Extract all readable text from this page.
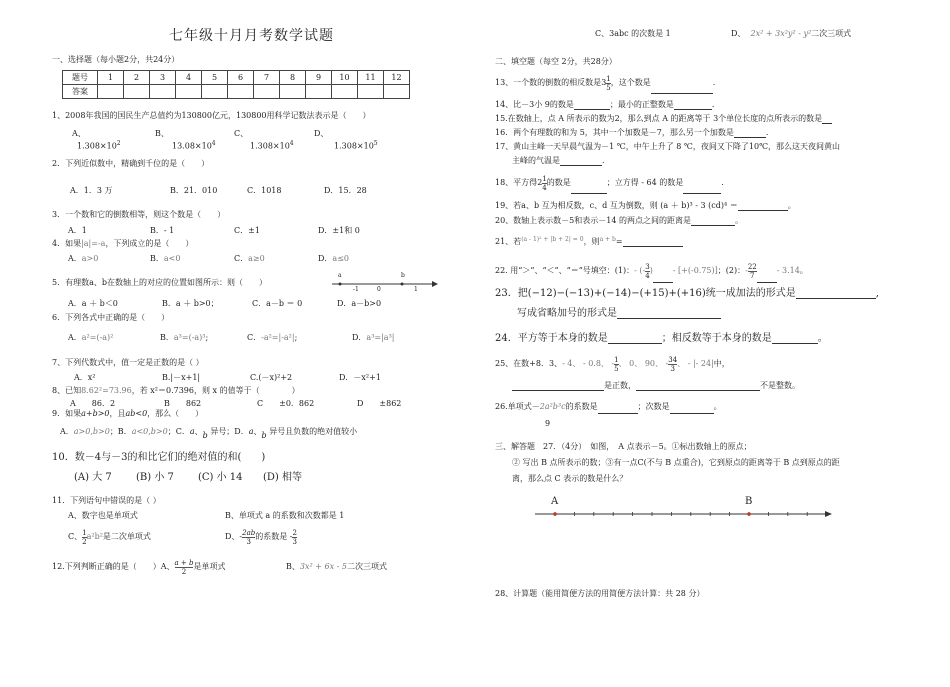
七年级十月月考数学试题
一、选择题（每小题2分，共24分）
题号	1	2	3	4	5	6	7	8	9	10	11	12
答案												
1、2008年我国的国民生产总值约为130800亿元，130800用科学记数法表示是（　　）
A、
$1.308\times 10^2$
B、
$13.08\times 10^4$
C、
$1.308\times 10^4$
D、
$1.308\times 10^5$
2．下列近似数中，精确到千位的是（　　）
A．1．3 万	B．21．010	C．1018	D．15．28
3．一个数和它的倒数相等，则这个数是（　　）
A．1	B．- 1	C．±1	D．±1和 0
4．如果|a|=-a，下列成立的是（　　）
A．a>0	B．a<0	C．a≥0	D．a≤0
5．有理数a、b在数轴上的对应的位置如图所示：则（　　）
a
-1	0
b
1
A．a ＋ b＜0	B．a ＋ b>0；	C．a－b ＝ 0	D．a－b>0
6．下列各式中正确的是（　　）
A．a²=(-a)²	B．a³=(-a)³;	C．-a²=|-a²|;	D．a³=|a³|
7、下列代数式中，值一定是正数的是（ ）
A．x²	B.|－x+1|	C.(－x)²+2	D．－x²+1
8、已知8.62²=73.96，若 x²＝0.7396，则 x 的值等于（　　　　）
A　　86．2	B　　862	C　　±0．862	D　　±862
9．如果a+b>0，且ab<0，那么（　　）
A．a>0,b>0；B．a<0,b>0；C．a、b 异号；D．a、b 异号且负数的绝对值较小
10．数－4与－3的和比它们的绝对值的和(　　)
(A) 大 7 (B) 小 7 (C) 小 14 (D) 相等
11．下列语句中错误的是（ ）
A、数字也是单项式	B、单项式 a 的系数和次数都是 1
C、 $\frac{1}{2} a^2b^2$是二次单项式	D、- $\frac{2ab}{3}$ 的系数是 - $\frac{2}{3}$
12.下列判断正确的是（　　）A、 $\frac{a + b}{2}$ 是单项式	B、3x² + 6x - 5二次三项式
C、3abc 的次数是 1	D、 2x² + 3x²y² - y²二次三项式
二、填空题（每空 2分，共28分）
13、一个数的倒数的相反数是$3 \frac{1}{5}$ ，这个数是	.
14、比－3小 9的数是	；最小的正整数是	.
15.在数轴上，点 A 所表示的数为2，那么到点 A 的距离等于 3个单位长度的点所表示的数是
16．两个有理数的和为 5，其中一个加数是－7，那么另一个加数是	.
17、黄山主峰一天早晨气温为－1 ℃，中午上升了 8 ℃，夜间又下降了10℃，那么这天夜间黄山
主峰的气温是	.
18、平方得$2 \frac{1}{4}$ 的数是	；立方得 - 64 的数是	.
19、若a、b 互为相反数，c、d 互为倒数，则 (a ＋ b)³ - 3 (cd)⁴ ＝	。
20、数轴上表示数－5和表示－14 的两点之间的距离是	。
21、若$^{(a - 1)^2 + |b + 2| = 0}$，则$^{a + b}$=
22. 用“＞”、“＜”、“＝”号填空：(1)：- (- $\frac{3}{4}$ )	- [+(-0.75)]；(2)：- $\frac{22}{7}$	- 3.14。
23．把(−12)−(−13)+(−14)−(+15)+(+16)统一成加法的形式是	,
写成省略加号的形式是
24．平方等于本身的数是	；相反数等于本身的数是	。
25、在数+8．3、- 4、 - 0.8、 - $\frac{1}{5}$ 、 0、 90、 - $\frac{34}{3}$ 、 - |- 24|中，
是正数，	不是整数。
26.单项式－2a²b³c的系数是	；次数是	。
9
三、解答题　27．（4分）　如图，　A 点表示－5。①标出数轴上的原点；
② 写出 B 点所表示的数；③有一点C(不与 B 点重合)，它到原点的距离等于 B 点到原点的距
离，那么点 C 表示的数是什么？
A	B
28、计算题（能用简便方法的用简便方法计算：共 28 分）
